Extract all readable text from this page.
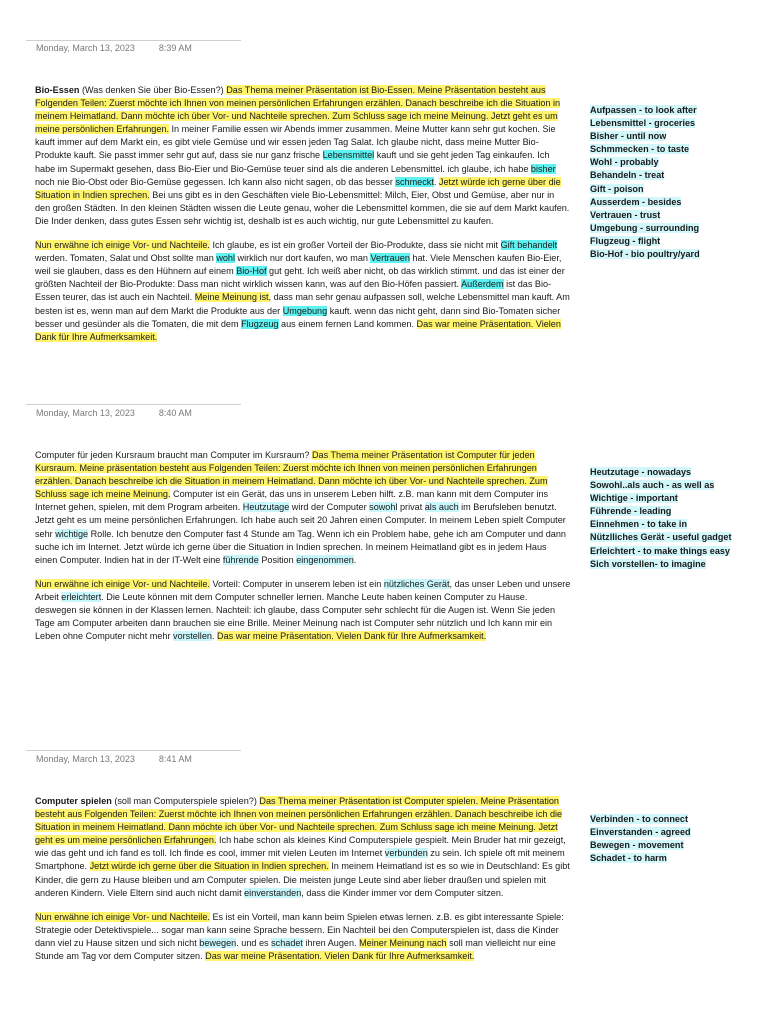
Monday, March 13, 2023	8:39 AM

Bio-Essen (Was denken Sie über Bio-Essen?) Das Thema meiner Präsentation ist Bio-Essen. Meine Präsentation besteht aus Folgenden Teilen: Zuerst möchte ich Ihnen von meinen persönlichen Erfahrungen erzählen. Danach beschreibe ich die Situation in meinem Heimatland. Dann möchte ich über Vor- und Nachteile sprechen. Zum Schluss sage ich meine Meinung. Jetzt geht es um meine persönlichen Erfahrungen. In meiner Familie essen wir Abends immer zusammen. Meine Mutter kann sehr gut kochen. Sie kauft immer auf dem Markt ein, es gibt viele Gemüse und wir essen jeden Tag Salat. Ich glaube nicht, dass meine Mutter Bio-Produkte kauft. Sie passt immer sehr gut auf, dass sie nur ganz frische Lebensmittel kauft und sie geht jeden Tag einkaufen. Ich habe im Supermakt gesehen, dass Bio-Eier und Bio-Gemüse teuer sind als die anderen Lebensmittel. ich glaube, ich habe bisher noch nie Bio-Obst oder Bio-Gemüse gegessen. Ich kann also nicht sagen, ob das besser schmeckt. Jetzt würde ich gerne über die Situation in Indien sprechen. Bei uns gibt es in den Geschäften viele Bio-Lebensmittel: Milch, Eier, Obst und Gemüse, aber nur in den großen Städten. In den kleinen Städten wissen die Leute genau, woher die Lebensmittel kommen, die sie auf dem Markt kaufen. Die Inder denken, dass gutes Essen sehr wichtig ist, deshalb ist es auch wichtig, nur gute Lebensmittel zu kaufen.

Nun erwähne ich einige Vor- und Nachteile. Ich glaube, es ist ein großer Vorteil der Bio-Produkte, dass sie nicht mit Gift behandelt werden. Tomaten, Salat und Obst sollte man wohl wirklich nur dort kaufen, wo man Vertrauen hat. Viele Menschen kaufen Bio-Eier, weil sie glauben, dass es den Hühnern auf einem Bio-Hof gut geht. Ich weiß aber nicht, ob das wirklich stimmt. und das ist einer der größten Nachteil der Bio-Produkte: Dass man nicht wirklich wissen kann, was auf den Bio-Höfen passiert. Außerdem ist das Bio-Essen teurer, das ist auch ein Nachteil. Meine Meinung ist, dass man sehr genau aufpassen soll, welche Lebensmittel man kauft. Am besten ist es, wenn man auf dem Markt die Produkte aus der Umgebung kauft. wenn das nicht geht, dann sind Bio-Tomaten sicher besser und gesünder als die Tomaten, die mit dem Flugzeug aus einem fernen Land kommen. Das war meine Präsentation. Vielen Dank für Ihre Aufmerksamkeit.

Aufpassen - to look after
Lebensmittel - groceries
Bisher - until now
Schmmecken - to taste
Wohl - probably
Behandeln - treat
Gift - poison
Ausserdem - besides
Vertrauen - trust
Umgebung - surrounding
Flugzeug - flight
Bio-Hof - bio poultry/yard
Monday, March 13, 2023	8:40 AM

Computer für jeden Kursraum braucht man Computer im Kursraum? Das Thema meiner Präsentation ist Computer für jeden Kursraum. Meine präsentation besteht aus Folgenden Teilen: Zuerst möchte ich Ihnen von meinen persönlichen Erfahrungen erzählen. Danach beschreibe ich die Situation in meinem Heimatland. Dann möchte ich über Vor- und Nachteile sprechen. Zum Schluss sage ich meine Meinung. Computer ist ein Gerät, das uns in unserem Leben hilft. z.B. man kann mit dem Computer ins Internet gehen, spielen, mit dem Program arbeiten. Heutzutage wird der Computer sowohl privat als auch im Berufsleben benutzt. Jetzt geht es um meine persönlichen Erfahrungen. Ich habe auch seit 20 Jahren einen Computer. In meinem Leben spielt Computer sehr wichtige Rolle. Ich benutze den Computer fast 4 Stunde am Tag. Wenn ich ein Problem habe, gehe ich am Computer und dann suche ich im Internet. Jetzt würde ich gerne über die Situation in Indien sprechen. In meinem Heimatland gibt es in jedem Haus einen Computer. Indien hat in der IT-Welt eine führende Position eingenommen.

Nun erwähne ich einige Vor- und Nachteile. Vorteil: Computer in unserem leben ist ein nützliches Gerät, das unser Leben und unsere Arbeit erleichtert. Die Leute können mit dem Computer schneller lernen. Manche Leute haben keinen Computer zu Hause. deswegen sie können in der Klassen lernen. Nachteil: ich glaube, dass Computer sehr schlecht für die Augen ist. Wenn Sie jeden Tage am Computer arbeiten dann brauchen sie eine Brille. Meiner Meinung nach ist Computer sehr nützlich und Ich kann mir ein Leben ohne Computer nicht mehr vorstellen. Das war meine Präsentation. Vielen Dank für Ihre Aufmerksamkeit.

Heutzutage - nowadays
Sowohl..als auch - as well as
Wichtige - important
Führende - leading
Einnehmen - to take in
Nützlliches Gerät - useful gadget
Erleichtert - to make things easy
Sich vorstellen- to imagine
Monday, March 13, 2023	8:41 AM

Computer spielen (soll man Computerspiele spielen?) Das Thema meiner Präsentation ist Computer spielen. Meine Präsentation besteht aus Folgenden Teilen: Zuerst möchte ich Ihnen von meinen persönlichen Erfahrungen erzählen. Danach beschreibe ich die Situation in meinem Heimatland. Dann möchte ich über Vor- und Nachteile sprechen. Zum Schluss sage ich meine Meinung. Jetzt geht es um meine persönlichen Erfahrungen. Ich habe schon als kleines Kind Computerspiele gespielt. Mein Bruder hat mir gezeigt, wie das geht und ich fand es toll. Ich finde es cool, immer mit vielen Leuten im Internet verbunden zu sein. Ich spiele oft mit meinem Smartphone. Jetzt würde ich gerne über die Situation in Indien sprechen. In meinem Heimatland ist es so wie in Deutschland: Es gibt Kinder, die gern zu Hause bleiben und am Computer spielen. Die meisten junge Leute sind aber lieber draußen und spielen mit anderen Kindern. Viele Eltern sind auch nicht damit einverstanden, dass die Kinder immer vor dem Computer sitzen.

Nun erwähne ich einige Vor- und Nachteile. Es ist ein Vorteil, man kann beim Spielen etwas lernen. z.B. es gibt interessante Spiele: Strategie oder Detektivspiele... sogar man kann seine Sprache bessern. Ein Nachteil bei den Computerspielen ist, dass die Kinder dann viel zu Hause sitzen und sich nicht bewegen. und es schadet ihren Augen. Meiner Meinung nach soll man vielleicht nur eine Stunde am Tag vor dem Computer sitzen. Das war meine Präsentation. Vielen Dank für Ihre Aufmerksamkeit.

Verbinden - to connect
Einverstanden - agreed
Bewegen - movement
Schadet - to harm
